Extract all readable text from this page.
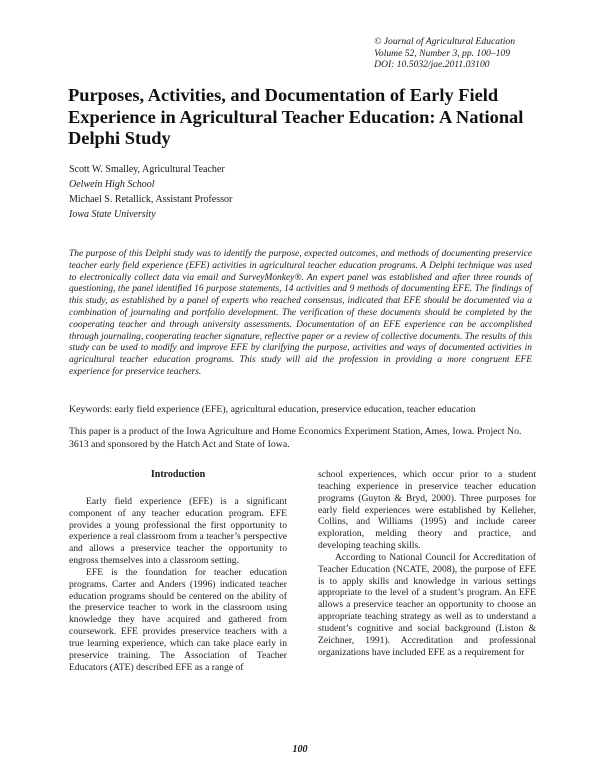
© Journal of Agricultural Education
Volume 52, Number 3, pp. 100–109
DOI: 10.5032/jae.2011.03100
Purposes, Activities, and Documentation of Early Field Experience in Agricultural Teacher Education: A National Delphi Study
Scott W. Smalley, Agricultural Teacher
Oelwein High School
Michael S. Retallick, Assistant Professor
Iowa State University

The purpose of this Delphi study was to identify the purpose, expected outcomes, and methods of documenting preservice teacher early field experience (EFE) activities in agricultural teacher education programs. A Delphi technique was used to electronically collect data via email and SurveyMonkey®. An expert panel was established and after three rounds of questioning, the panel identified 16 purpose statements, 14 activities and 9 methods of documenting EFE. The findings of this study, as established by a panel of experts who reached consensus, indicated that EFE should be documented via a combination of journaling and portfolio development. The verification of these documents should be completed by the cooperating teacher and through university assessments. Documentation of an EFE experience can be accomplished through journaling, cooperating teacher signature, reflective paper or a review of collective documents. The results of this study can be used to modify and improve EFE by clarifying the purpose, activities and ways of documented activities in agricultural teacher education programs. This study will aid the profession in providing a more congruent EFE experience for preservice teachers.

Keywords: early field experience (EFE), agricultural education, preservice education, teacher education

This paper is a product of the Iowa Agriculture and Home Economics Experiment Station, Ames, Iowa. Project No. 3613 and sponsored by the Hatch Act and State of Iowa.

Introduction

Early field experience (EFE) is a significant component of any teacher education program. EFE provides a young professional the first opportunity to experience a real classroom from a teacher’s perspective and allows a preservice teacher the opportunity to engross themselves into a classroom setting.

EFE is the foundation for teacher education programs. Carter and Anders (1996) indicated teacher education programs should be centered on the ability of the preservice teacher to work in the classroom using knowledge they have acquired and gathered from coursework. EFE provides preservice teachers with a true learning experience, which can take place early in preservice training. The Association of Teacher Educators (ATE) described EFE as a range of

school experiences, which occur prior to a student teaching experience in preservice teacher education programs (Guyton & Bryd, 2000). Three purposes for early field experiences were established by Kelleher, Collins, and Williams (1995) and include career exploration, melding theory and practice, and developing teaching skills.

According to National Council for Accreditation of Teacher Education (NCATE, 2008), the purpose of EFE is to apply skills and knowledge in various settings appropriate to the level of a student’s program. An EFE allows a preservice teacher an opportunity to choose an appropriate teaching strategy as well as to understand a student’s cognitive and social background (Liston & Zeichner, 1991). Accreditation and professional organizations have included EFE as a requirement for

100
